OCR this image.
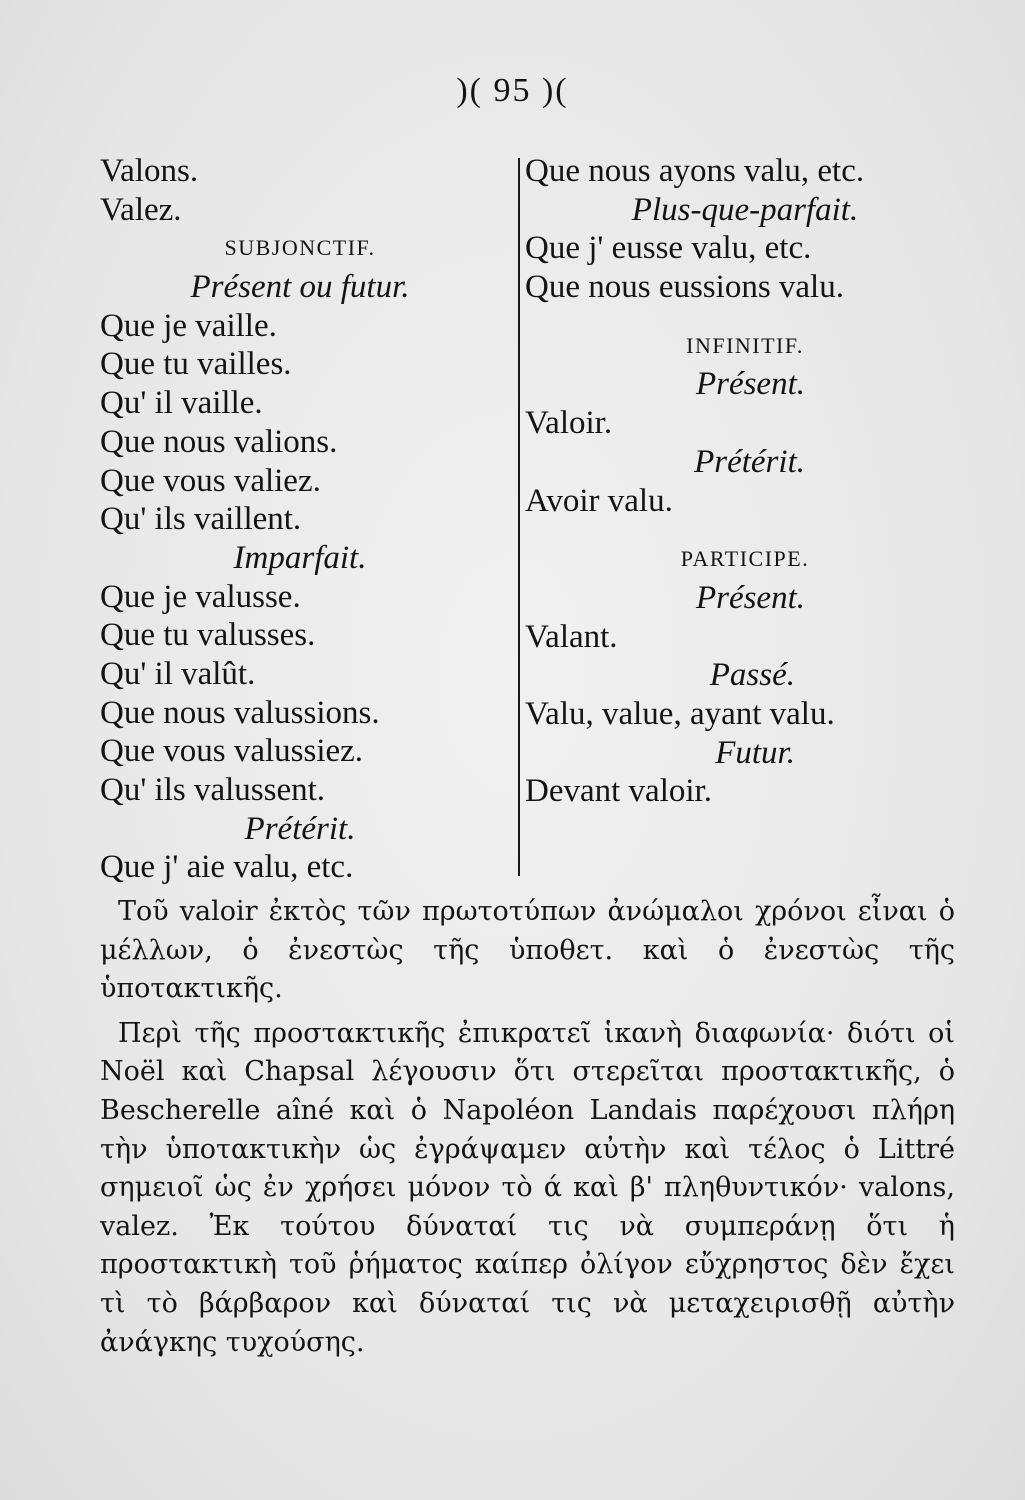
)( 95 )(
Valons.
Valez.
SUBJONCTIF.
Présent ou futur.
Que je vaille.
Que tu vailles.
Qu' il vaille.
Que nous valions.
Que vous valiez.
Qu' ils vaillent.
Imparfait.
Que je valusse.
Que tu valusses.
Qu' il valût.
Que nous valussions.
Que vous valussiez.
Qu' ils valussent.
Prétérit.
Que j' aie valu, etc.
Que nous ayons valu, etc.
Plus-que-parfait.
Que j' eusse valu, etc.
Que nous eussions valu.
INFINITIF.
Présent.
Valoir.
Prétérit.
Avoir valu.
PARTICIPE.
Présent.
Valant.
Passé.
Valu, value, ayant valu.
Futur.
Devant valoir.

Τοῦ valoir ἐκτὸς τῶν πρωτοτύπων ἀνώμαλοι χρόνοι εἶναι ὁ μέλλων, ὁ ἐνεστὼς τῆς ὑποθετ. καὶ ὁ ἐνεστὼς τῆς ὑποτακτικῆς.

Περὶ τῆς προστακτικῆς ἐπικρατεῖ ἱκανὴ διαφωνία· διότι οἱ Noël καὶ Chapsal λέγουσιν ὅτι στερεῖται προστακτικῆς, ὁ Bescherelle aîné καὶ ὁ Napoléon Landais παρέχουσι πλήρη τὴν ὑποτακτικὴν ὡς ἐγράψαμεν αὐτὴν καὶ τέλος ὁ Littré σημειοῖ ὡς ἐν χρήσει μόνον τὸ ά καὶ β' πληθυντικόν· valons, valez. Ἐκ τούτου δύναταί τις νὰ συμπεράνῃ ὅτι ἡ προστακτικὴ τοῦ ῥήματος καίπερ ὀλίγον εὔχρηστος δὲν ἔχει τὶ τὸ βάρβαρον καὶ δύναταί τις νὰ μεταχειρισθῇ αὐτὴν ἀνάγκης τυχούσης.
